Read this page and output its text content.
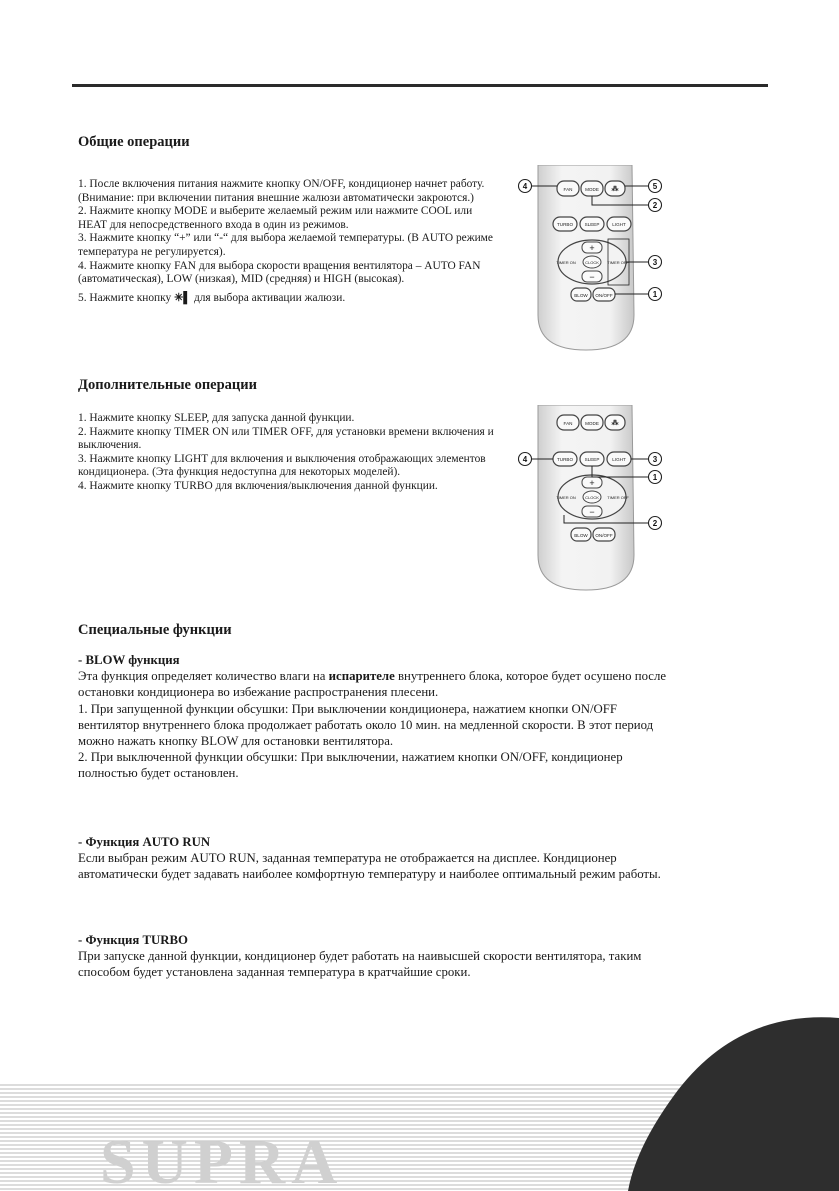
Общие операции

1. После включения питания нажмите кнопку ON/OFF, кондиционер начнет работу. (Внимание: при включении питания внешние жалюзи автоматически закроются.)

2. Нажмите кнопку MODE и выберите желаемый режим или нажмите COOL или HEAT для непосредственного входа в один из режимов.

3. Нажмите кнопку “+” или “-“ для выбора желаемой температуры. (В AUTO режиме температура не регулируется).

4. Нажмите кнопку FAN для выбора скорости вращения вентилятора – AUTO FAN (автоматическая), LOW (низкая), MID (средняя) и HIGH (высокая).

5. Нажмите кнопку ✳▌ для выбора активации жалюзи.

FAN	MODE ⁂
TURBO	SLEEP	LIGHT
+
−
CLOCK
TIMER ON	TIMER OFF
BLOW ON/OFF
4	5
2
3
1
Дополнительные операции

1. Нажмите кнопку SLEEP, для запуска данной функции.

2. Нажмите кнопку TIMER ON или TIMER OFF, для установки времени включения и выключения.

3. Нажмите кнопку LIGHT для включения и выключения отображающих элементов кондиционера. (Эта функция недоступна для некоторых моделей).

4. Нажмите кнопку TURBO для включения/выключения данной функции.

FAN	MODE ⁂
TURBO	SLEEP	LIGHT
+
−
CLOCK
TIMER ON	TIMER OFF
BLOW ON/OFF
4	3
1
2
Специальные функции

- BLOW функция

Эта функция определяет количество влаги на испарителе внутреннего блока, которое будет осушено после остановки кондиционера во избежание распространения плесени.

1. При запущенной функции обсушки: При выключении кондиционера, нажатием кнопки ON/OFF вентилятор внутреннего блока продолжает работать около 10 мин. на медленной скорости. В этот период можно нажать кнопку BLOW для остановки вентилятора.

2. При выключенной функции обсушки: При выключении, нажатием кнопки ON/OFF, кондиционер полностью будет остановлен.

- Функция AUTO RUN

Если выбран режим AUTO RUN, заданная температура не отображается на дисплее. Кондиционер автоматически будет задавать наиболее комфортную температуру и наиболее оптимальный режим работы.

- Функция TURBO

При запуске данной функции, кондиционер будет работать на наивысшей скорости вентилятора, таким способом будет установлена заданная температура в кратчайшие сроки.

SUPRA
